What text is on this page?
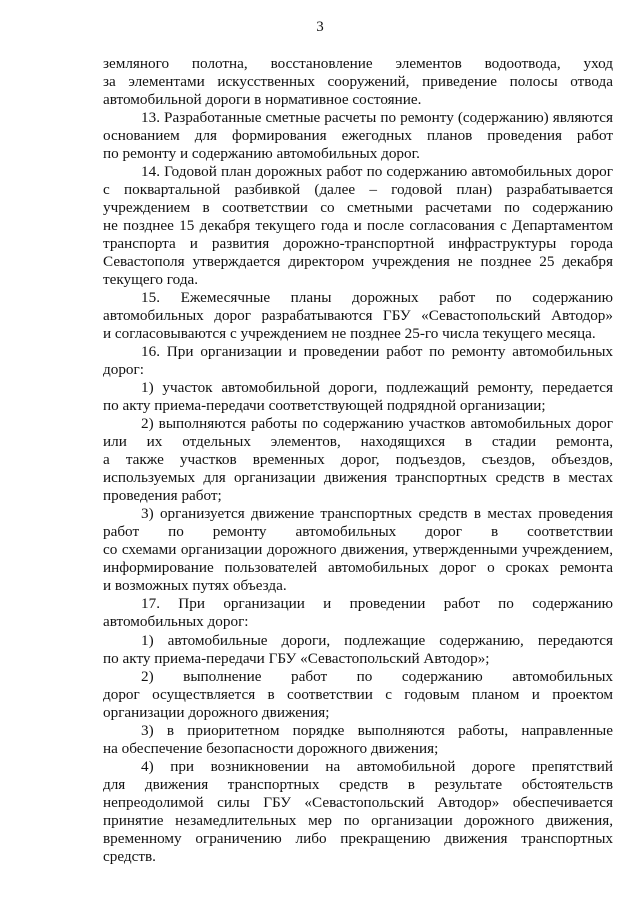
3
земляного полотна, восстановление элементов водоотвода, уход
за элементами искусственных сооружений, приведение полосы отвода
автомобильной дороги в нормативное состояние.
13. Разработанные сметные расчеты по ремонту (содержанию) являются
основанием для формирования ежегодных планов проведения работ
по ремонту и содержанию автомобильных дорог.
14. Годовой план дорожных работ по содержанию автомобильных дорог
с поквартальной разбивкой (далее – годовой план) разрабатывается
учреждением в соответствии со сметными расчетами по содержанию
не позднее 15 декабря текущего года и после согласования с Департаментом
транспорта и развития дорожно-транспортной инфраструктуры города
Севастополя утверждается директором учреждения не позднее 25 декабря
текущего года.
15. Ежемесячные планы дорожных работ по содержанию
автомобильных дорог разрабатываются ГБУ «Севастопольский Автодор»
и согласовываются с учреждением не позднее 25-го числа текущего месяца.
16. При организации и проведении работ по ремонту автомобильных
дорог:
1) участок автомобильной дороги, подлежащий ремонту, передается
по акту приема-передачи соответствующей подрядной организации;
2) выполняются работы по содержанию участков автомобильных дорог
или их отдельных элементов, находящихся в стадии ремонта,
а также участков временных дорог, подъездов, съездов, объездов,
используемых для организации движения транспортных средств в местах
проведения работ;
3) организуется движение транспортных средств в местах проведения
работ по ремонту автомобильных дорог в соответствии
со схемами организации дорожного движения, утвержденными учреждением,
информирование пользователей автомобильных дорог о сроках ремонта
и возможных путях объезда.
17. При организации и проведении работ по содержанию
автомобильных дорог:
1) автомобильные дороги, подлежащие содержанию, передаются
по акту приема-передачи ГБУ «Севастопольский Автодор»;
2) выполнение работ по содержанию автомобильных
дорог осуществляется в соответствии с годовым планом и проектом
организации дорожного движения;
3) в приоритетном порядке выполняются работы, направленные
на обеспечение безопасности дорожного движения;
4) при возникновении на автомобильной дороге препятствий
для движения транспортных средств в результате обстоятельств
непреодолимой силы ГБУ «Севастопольский Автодор» обеспечивается
принятие незамедлительных мер по организации дорожного движения,
временному ограничению либо прекращению движения транспортных
средств.
